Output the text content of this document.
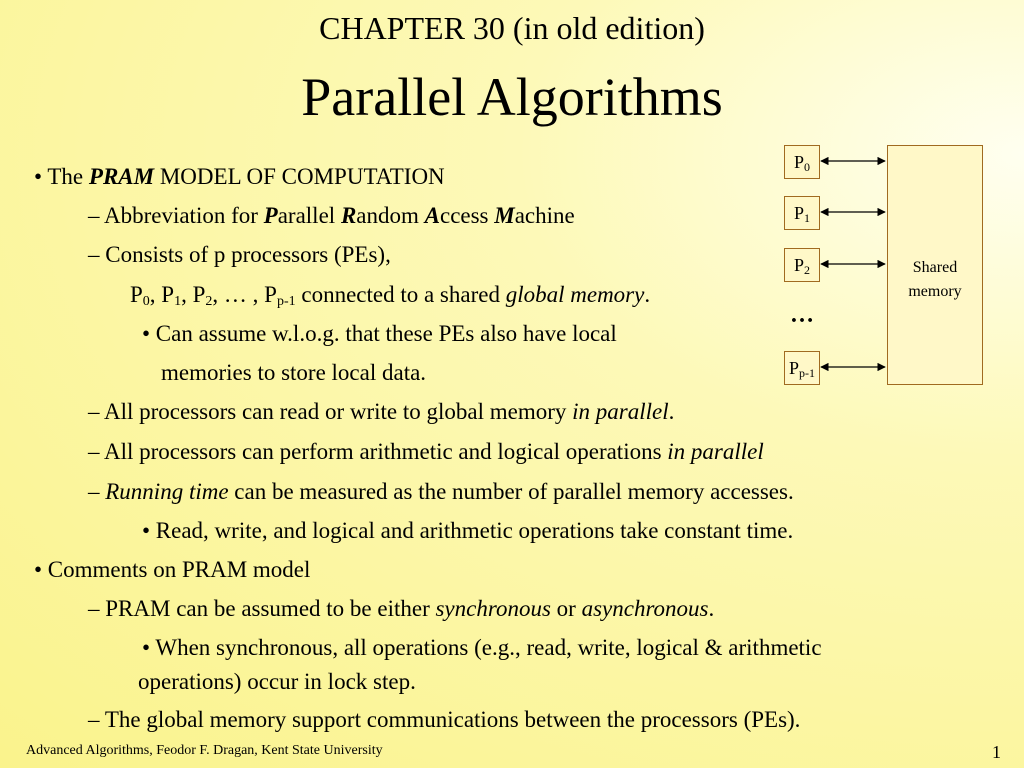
CHAPTER 30 (in old edition)
Parallel Algorithms
• The PRAM MODEL OF COMPUTATION
– Abbreviation for Parallel Random Access Machine
– Consists of p processors (PEs),
$P_0$, $P_1$, $P_2$, … , $P_{p-1}$ connected to a shared global memory.
• Can assume w.l.o.g. that these PEs also have local
memories to store local data.
– All processors can read or write to global memory in parallel.
– All processors can perform arithmetic and logical operations in parallel
– Running time can be measured as the number of parallel memory accesses.
• Read, write, and logical and arithmetic operations take constant time.
• Comments on PRAM model
– PRAM can be assumed to be either synchronous or asynchronous.
• When synchronous, all operations (e.g., read, write, logical & arithmetic
operations) occur in lock step.
– The global memory support communications between the processors (PEs).
$P_0$
$P_1$
$P_2$
…
$P_{p-1}$
Shared memory
Advanced Algorithms, Feodor F. Dragan, Kent State University	1
